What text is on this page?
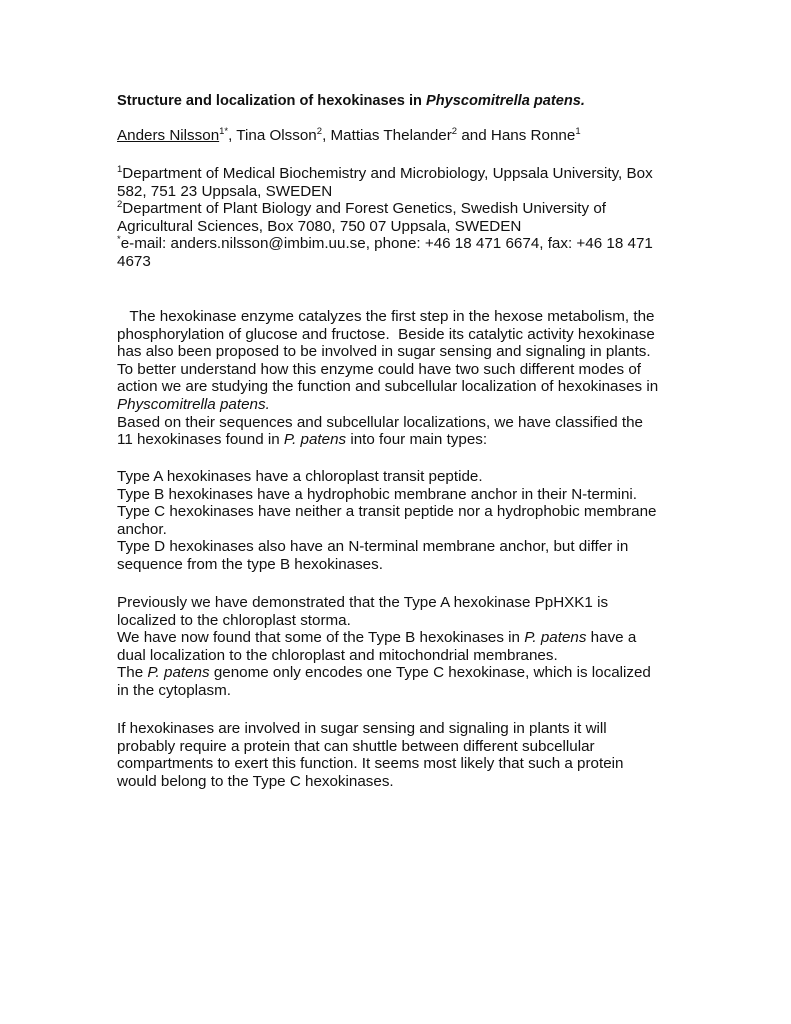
Structure and localization of hexokinases in Physcomitrella patens.
Anders Nilsson$^{1*}$, Tina Olsson$^2$, Mattias Thelander$^2$ and Hans Ronne$^1$
$^1$Department of Medical Biochemistry and Microbiology, Uppsala University, Box
582, 751 23 Uppsala, SWEDEN
$^2$Department of Plant Biology and Forest Genetics, Swedish University of
Agricultural Sciences, Box 7080, 750 07 Uppsala, SWEDEN
*e-mail: anders.nilsson@imbim.uu.se, phone: +46 18 471 6674, fax: +46 18 471
4673
The hexokinase enzyme catalyzes the first step in the hexose metabolism, the
phosphorylation of glucose and fructose.  Beside its catalytic activity hexokinase
has also been proposed to be involved in sugar sensing and signaling in plants.
To better understand how this enzyme could have two such different modes of
action we are studying the function and subcellular localization of hexokinases in
Physcomitrella patens.
Based on their sequences and subcellular localizations, we have classified the
11 hexokinases found in P. patens into four main types:
Type A hexokinases have a chloroplast transit peptide.
Type B hexokinases have a hydrophobic membrane anchor in their N-termini.
Type C hexokinases have neither a transit peptide nor a hydrophobic membrane
anchor.
Type D hexokinases also have an N-terminal membrane anchor, but differ in
sequence from the type B hexokinases.
Previously we have demonstrated that the Type A hexokinase PpHXK1 is
localized to the chloroplast storma.
We have now found that some of the Type B hexokinases in P. patens have a
dual localization to the chloroplast and mitochondrial membranes.
The P. patens genome only encodes one Type C hexokinase, which is localized
in the cytoplasm.
If hexokinases are involved in sugar sensing and signaling in plants it will
probably require a protein that can shuttle between different subcellular
compartments to exert this function. It seems most likely that such a protein
would belong to the Type C hexokinases.
